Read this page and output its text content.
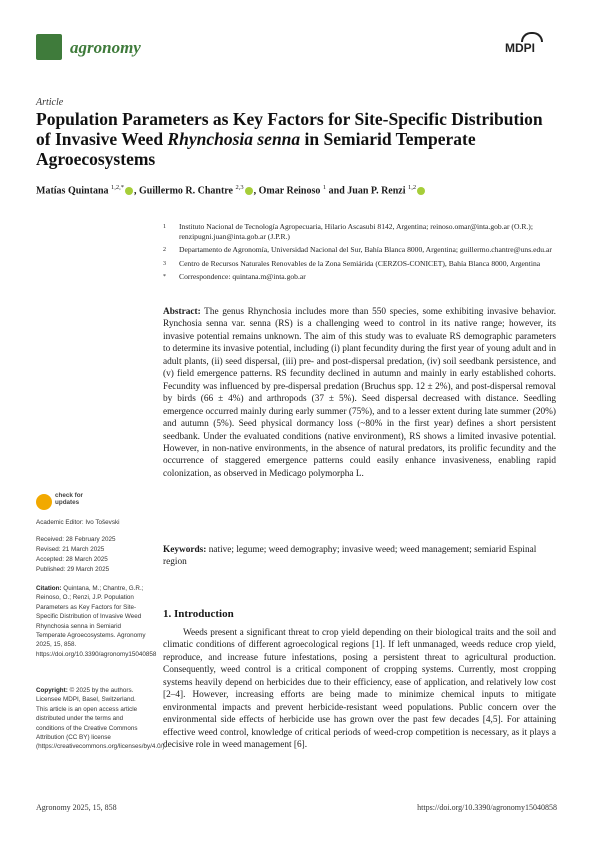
agronomy	MDPI
Article
Population Parameters as Key Factors for Site-Specific Distribution of Invasive Weed Rhynchosia senna in Semiarid Temperate Agroecosystems
Matías Quintana $^{1,2,*}$ , Guillermo R. Chantre $^{2,3}$ , Omar Reinoso $^1$ and Juan P. Renzi $^{1,2}$
1	Instituto Nacional de Tecnología Agropecuaria, Hilario Ascasubi 8142, Argentina; reinoso.omar@inta.gob.ar (O.R.); renzipugni.juan@inta.gob.ar (J.P.R.)
2	Departamento de Agronomía, Universidad Nacional del Sur, Bahía Blanca 8000, Argentina; guillermo.chantre@uns.edu.ar
3	Centro de Recursos Naturales Renovables de la Zona Semiárida (CERZOS-CONICET), Bahía Blanca 8000, Argentina
*	Correspondence: quintana.m@inta.gob.ar
Abstract: The genus Rhynchosia includes more than 550 species, some exhibiting invasive behavior. Rynchosia senna var. senna (RS) is a challenging weed to control in its native range; however, its invasive potential remains unknown. The aim of this study was to evaluate RS demographic parameters to determine its invasive potential, including (i) plant fecundity during the first year of young adult and in adult plants, (ii) seed dispersal, (iii) pre- and post-dispersal predation, (iv) soil seedbank persistence, and (v) field emergence patterns. RS fecundity declined in autumn and mainly in early established cohorts. Fecundity was influenced by pre-dispersal predation (Bruchus spp. 12 ± 2%), and post-dispersal removal by birds (66 ± 4%) and arthropods (37 ± 5%). Seed dispersal decreased with distance. Seedling emergence occurred mainly during early summer (75%), and to a lesser extent during late summer (20%) and autumn (5%). Seed physical dormancy loss (~80% in the first year) defines a short persistent seedbank. Under the evaluated conditions (native environment), RS shows a limited invasive potential. However, in non-native environments, in the absence of natural predators, its prolific fecundity and the occurrence of staggered emergence patterns could easily enhance invasiveness, enabling rapid colonization, as observed in Medicago polymorpha L.
Keywords: native; legume; weed demography; invasive weed; weed management; semiarid Espinal region
check for
updates
Academic Editor: Ivo Toševski
Received: 28 February 2025
Revised: 21 March 2025
Accepted: 28 March 2025
Published: 29 March 2025
Citation: Quintana, M.; Chantre, G.R.; Reinoso, O.; Renzi, J.P. Population Parameters as Key Factors for Site-Specific Distribution of Invasive Weed Rhynchosia senna in Semiarid Temperate Agroecosystems. Agronomy 2025, 15, 858. https://doi.org/10.3390/agronomy15040858
Copyright: © 2025 by the authors. Licensee MDPI, Basel, Switzerland. This article is an open access article distributed under the terms and conditions of the Creative Commons Attribution (CC BY) license (https://creativecommons.org/licenses/by/4.0/).
1. Introduction
Weeds present a significant threat to crop yield depending on their biological traits and the soil and climatic conditions of different agroecological regions [1]. If left unmanaged, weeds reduce crop yield, reproduce, and increase future infestations, posing a persistent threat to agricultural production. Consequently, weed control is a critical component of cropping systems. Currently, most cropping systems heavily depend on herbicides due to their efficiency, ease of application, and relatively low cost [2–4]. However, increasing efforts are being made to minimize chemical inputs to mitigate environmental impacts and prevent herbicide-resistant weed populations. Public concern over the environmental side effects of herbicide use has grown over the past few decades [4,5]. For attaining effective weed control, knowledge of critical periods of weed-crop competition is necessary, as it plays a decisive role in weed management [6].
Agronomy 2025, 15, 858	https://doi.org/10.3390/agronomy15040858
